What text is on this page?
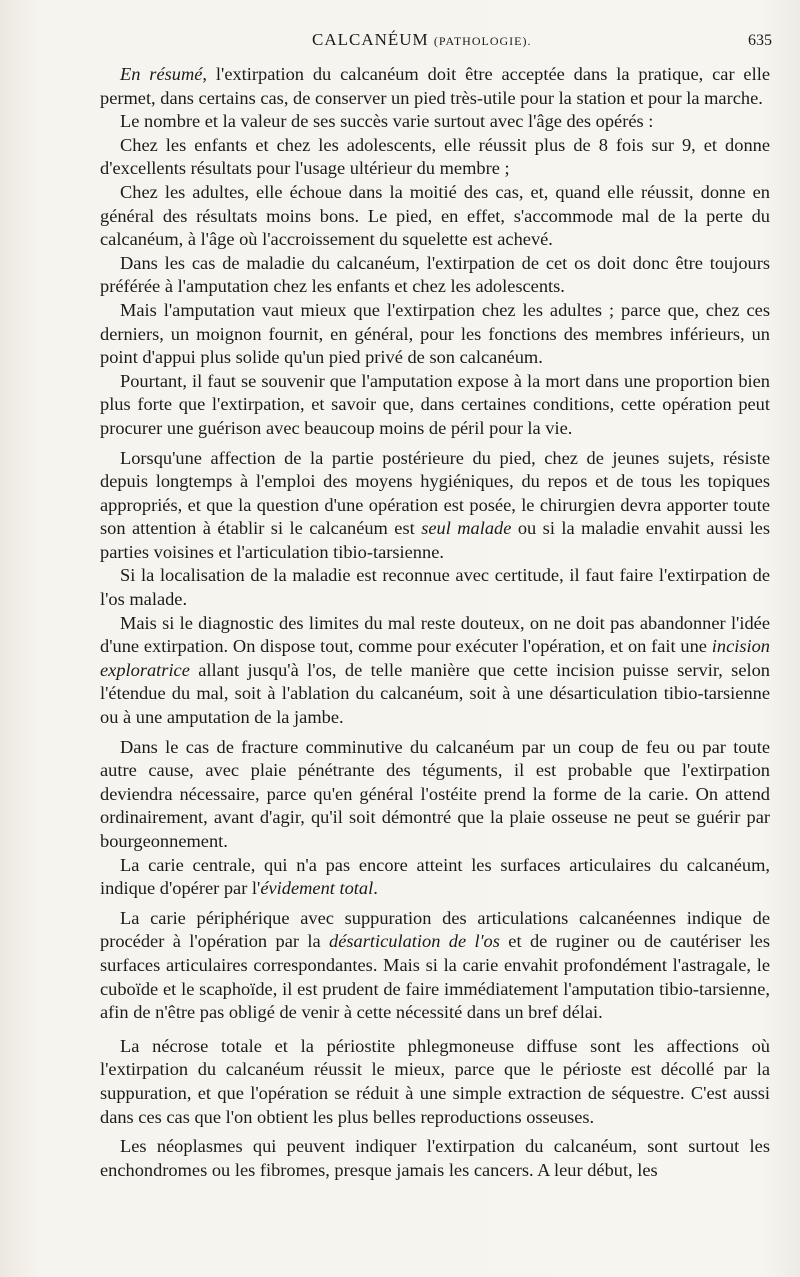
CALCANÉUM (PATHOLOGIE).	635

En résumé, l'extirpation du calcanéum doit être acceptée dans la pratique, car elle permet, dans certains cas, de conserver un pied très-utile pour la station et pour la marche.

Le nombre et la valeur de ses succès varie surtout avec l'âge des opérés :

Chez les enfants et chez les adolescents, elle réussit plus de 8 fois sur 9, et donne d'excellents résultats pour l'usage ultérieur du membre ;

Chez les adultes, elle échoue dans la moitié des cas, et, quand elle réussit, donne en général des résultats moins bons. Le pied, en effet, s'accommode mal de la perte du calcanéum, à l'âge où l'accroissement du squelette est achevé.

Dans les cas de maladie du calcanéum, l'extirpation de cet os doit donc être toujours préférée à l'amputation chez les enfants et chez les adolescents.

Mais l'amputation vaut mieux que l'extirpation chez les adultes ; parce que, chez ces derniers, un moignon fournit, en général, pour les fonctions des membres inférieurs, un point d'appui plus solide qu'un pied privé de son calcanéum.

Pourtant, il faut se souvenir que l'amputation expose à la mort dans une proportion bien plus forte que l'extirpation, et savoir que, dans certaines conditions, cette opération peut procurer une guérison avec beaucoup moins de péril pour la vie.

Lorsqu'une affection de la partie postérieure du pied, chez de jeunes sujets, résiste depuis longtemps à l'emploi des moyens hygiéniques, du repos et de tous les topiques appropriés, et que la question d'une opération est posée, le chirurgien devra apporter toute son attention à établir si le calcanéum est seul malade ou si la maladie envahit aussi les parties voisines et l'articulation tibio-tarsienne.

Si la localisation de la maladie est reconnue avec certitude, il faut faire l'extirpation de l'os malade.

Mais si le diagnostic des limites du mal reste douteux, on ne doit pas abandonner l'idée d'une extirpation. On dispose tout, comme pour exécuter l'opération, et on fait une incision exploratrice allant jusqu'à l'os, de telle manière que cette incision puisse servir, selon l'étendue du mal, soit à l'ablation du calcanéum, soit à une désarticulation tibio-tarsienne ou à une amputation de la jambe.

Dans le cas de fracture comminutive du calcanéum par un coup de feu ou par toute autre cause, avec plaie pénétrante des téguments, il est probable que l'extirpation deviendra nécessaire, parce qu'en général l'ostéite prend la forme de la carie. On attend ordinairement, avant d'agir, qu'il soit démontré que la plaie osseuse ne peut se guérir par bourgeonnement.

La carie centrale, qui n'a pas encore atteint les surfaces articulaires du calcanéum, indique d'opérer par l'évidement total.

La carie périphérique avec suppuration des articulations calcanéennes indique de procéder à l'opération par la désarticulation de l'os et de ruginer ou de cautériser les surfaces articulaires correspondantes. Mais si la carie envahit profondément l'astragale, le cuboïde et le scaphoïde, il est prudent de faire immédiatement l'amputation tibio-tarsienne, afin de n'être pas obligé de venir à cette nécessité dans un bref délai.

La nécrose totale et la périostite phlegmoneuse diffuse sont les affections où l'extirpation du calcanéum réussit le mieux, parce que le périoste est décollé par la suppuration, et que l'opération se réduit à une simple extraction de séquestre. C'est aussi dans ces cas que l'on obtient les plus belles reproductions osseuses.

Les néoplasmes qui peuvent indiquer l'extirpation du calcanéum, sont surtout les enchondromes ou les fibromes, presque jamais les cancers. A leur début, les
